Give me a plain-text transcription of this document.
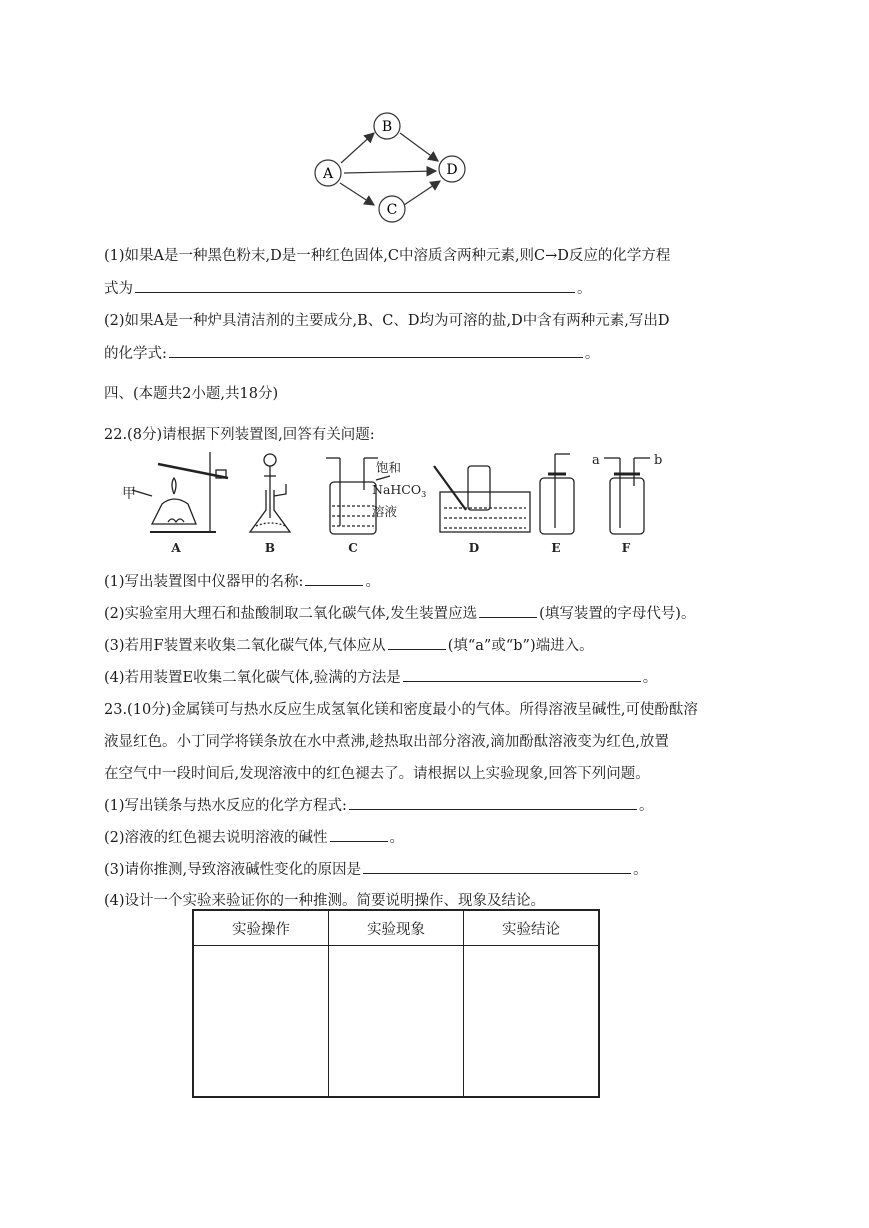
A
B
C
D
(1)如果A是一种黑色粉末,D是一种红色固体,C中溶质含两种元素,则C→D反应的化学方程
式为	。
(2)如果A是一种炉具清洁剂的主要成分,B、C、D均为可溶的盐,D中含有两种元素,写出D
的化学式:	。
四、(本题共2小题,共18分)
22.(8分)请根据下列装置图,回答有关问题:
甲
饱和
NaHCO$_3$
溶液
a	b
A	B	C	D	E	F
(1)写出装置图中仪器甲的名称:	。
(2)实验室用大理石和盐酸制取二氧化碳气体,发生装置应选	(填写装置的字母代号)。
(3)若用F装置来收集二氧化碳气体,气体应从	(填“a”或“b”)端进入。
(4)若用装置E收集二氧化碳气体,验满的方法是	。
23.(10分)金属镁可与热水反应生成氢氧化镁和密度最小的气体。所得溶液呈碱性,可使酚酞溶
液显红色。小丁同学将镁条放在水中煮沸,趁热取出部分溶液,滴加酚酞溶液变为红色,放置
在空气中一段时间后,发现溶液中的红色褪去了。请根据以上实验现象,回答下列问题。
(1)写出镁条与热水反应的化学方程式:	。
(2)溶液的红色褪去说明溶液的碱性	。
(3)请你推测,导致溶液碱性变化的原因是	。
(4)设计一个实验来验证你的一种推测。简要说明操作、现象及结论。
实验操作	实验现象	实验结论
